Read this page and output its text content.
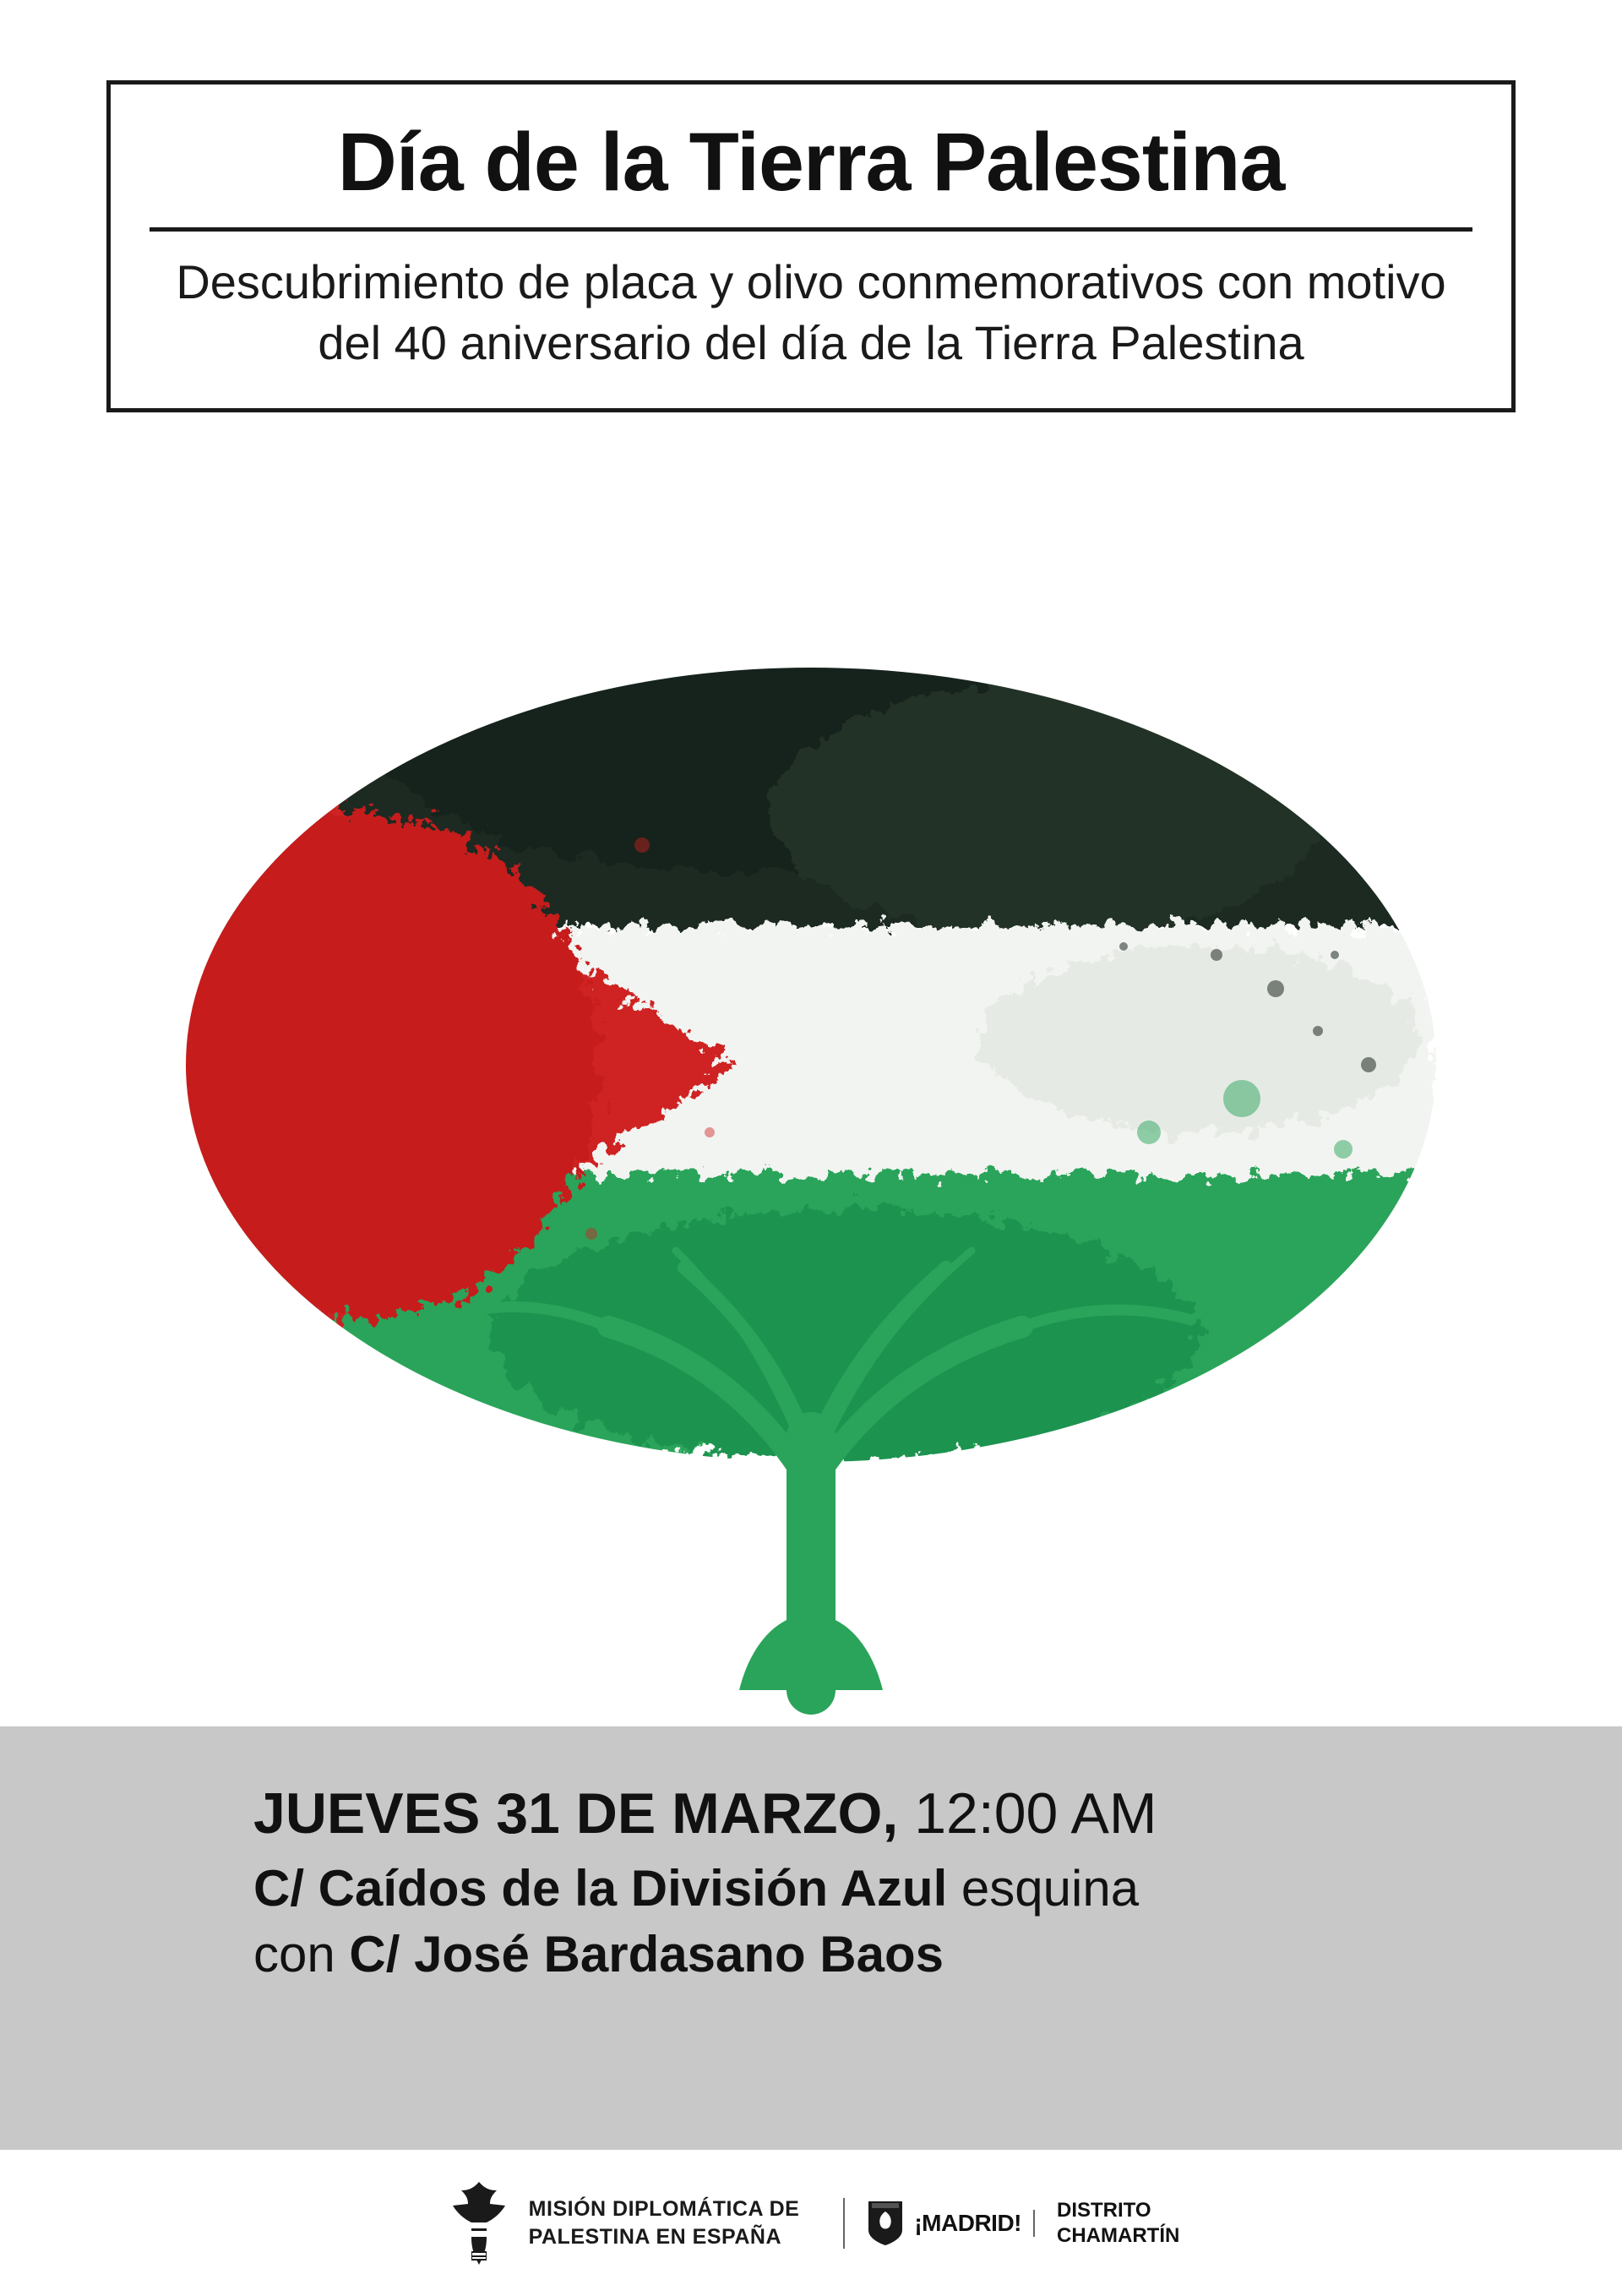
Día de la Tierra Palestina

Descubrimiento de placa y olivo conmemorativos con motivo del 40 aniversario del día de la Tierra Palestina

JUEVES 31 DE MARZO, 12:00 AM

C/ Caídos de la División Azul esquina

con C/ José Bardasano Baos

MISIÓN DIPLOMÁTICA DE
PALESTINA EN ESPAÑA
¡MADRID!	DISTRITO
CHAMARTÍN
